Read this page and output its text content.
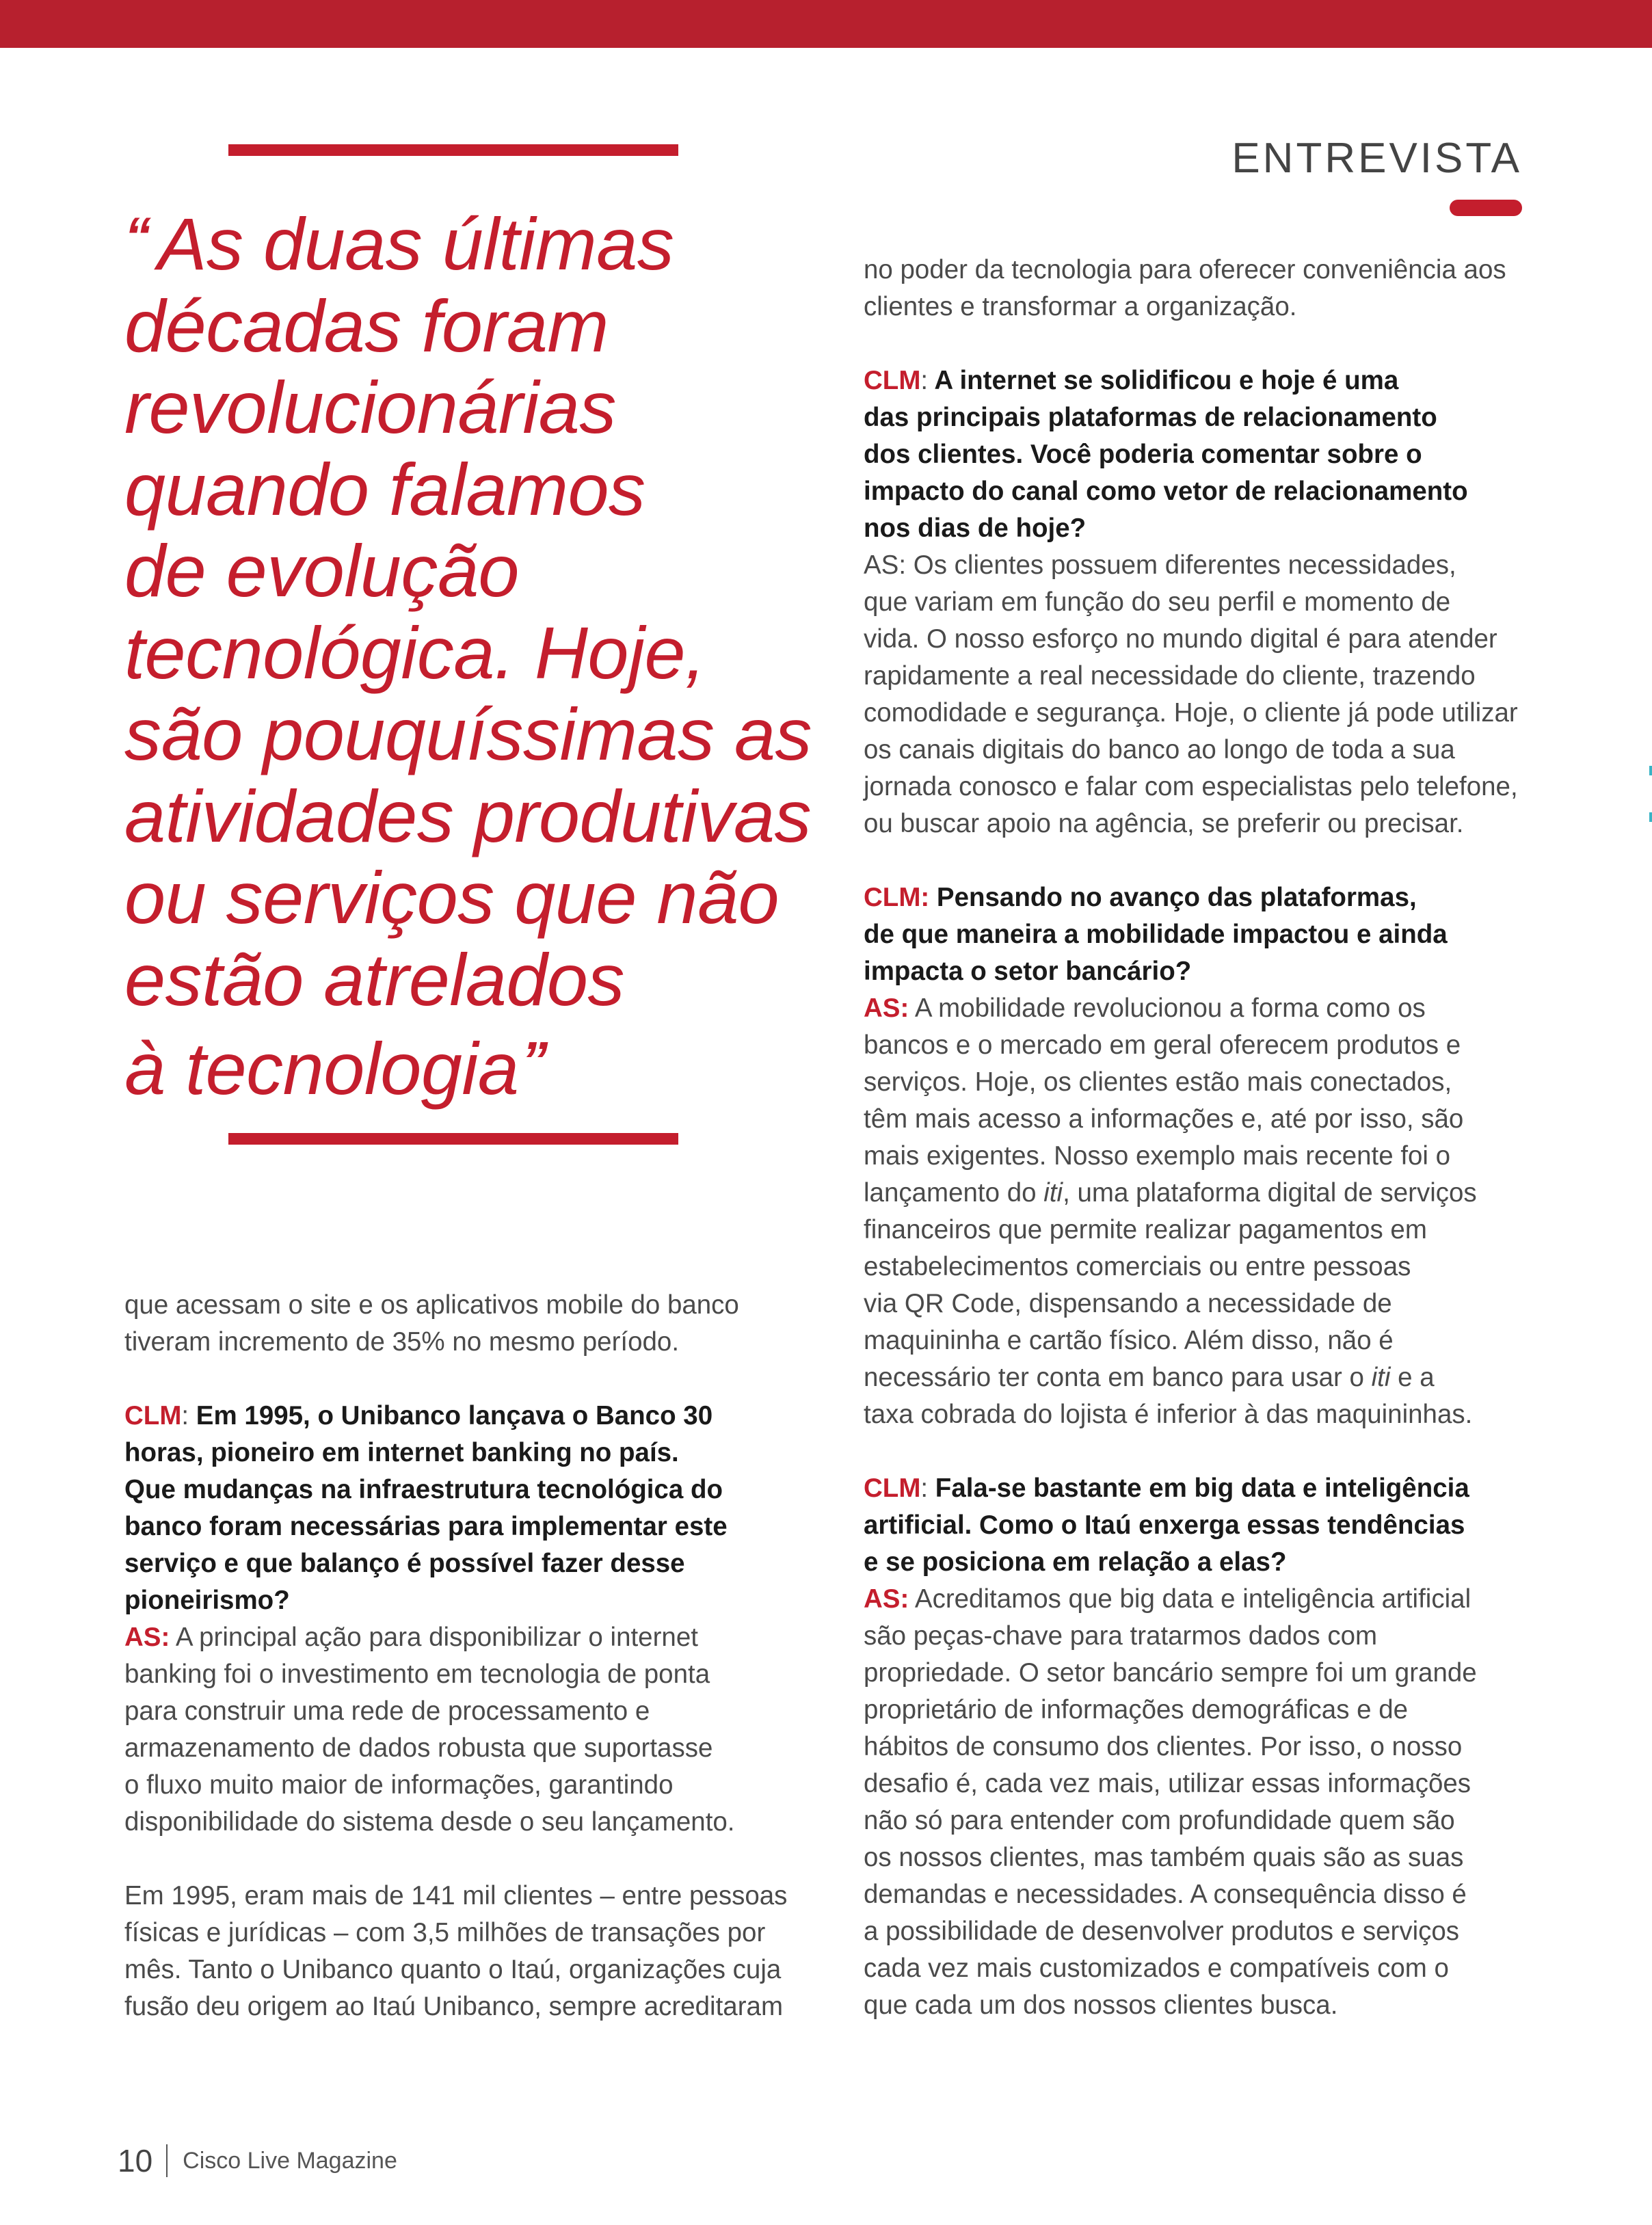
ENTREVISTA
“As duas últimas
décadas foram
revolucionárias
quando falamos
de evolução
tecnológica. Hoje,
são pouquíssimas as
atividades produtivas
ou serviços que não
estão atrelados
à tecnologia”

que acessam o site e os aplicativos mobile do banco
tiveram incremento de 35% no mesmo período.

CLM: Em 1995, o Unibanco lançava o Banco 30
horas, pioneiro em internet banking no país.
Que mudanças na infraestrutura tecnológica do
banco foram necessárias para implementar este
serviço e que balanço é possível fazer desse
pioneirismo?

AS: A principal ação para disponibilizar o internet
banking foi o investimento em tecnologia de ponta
para construir uma rede de processamento e
armazenamento de dados robusta que suportasse
o fluxo muito maior de informações, garantindo
disponibilidade do sistema desde o seu lançamento.

Em 1995, eram mais de 141 mil clientes – entre pessoas
físicas e jurídicas – com 3,5 milhões de transações por
mês. Tanto o Unibanco quanto o Itaú, organizações cuja
fusão deu origem ao Itaú Unibanco, sempre acreditaram

no poder da tecnologia para oferecer conveniência aos
clientes e transformar a organização.

CLM: A internet se solidificou e hoje é uma
das principais plataformas de relacionamento
dos clientes. Você poderia comentar sobre o
impacto do canal como vetor de relacionamento
nos dias de hoje?

AS: Os clientes possuem diferentes necessidades,
que variam em função do seu perfil e momento de
vida. O nosso esforço no mundo digital é para atender
rapidamente a real necessidade do cliente, trazendo
comodidade e segurança. Hoje, o cliente já pode utilizar
os canais digitais do banco ao longo de toda a sua
jornada conosco e falar com especialistas pelo telefone,
ou buscar apoio na agência, se preferir ou precisar.

CLM: Pensando no avanço das plataformas,
de que maneira a mobilidade impactou e ainda
impacta o setor bancário?

AS: A mobilidade revolucionou a forma como os
bancos e o mercado em geral oferecem produtos e
serviços. Hoje, os clientes estão mais conectados,
têm mais acesso a informações e, até por isso, são
mais exigentes. Nosso exemplo mais recente foi o
lançamento do iti, uma plataforma digital de serviços
financeiros que permite realizar pagamentos em
estabelecimentos comerciais ou entre pessoas
via QR Code, dispensando a necessidade de
maquininha e cartão físico. Além disso, não é
necessário ter conta em banco para usar o iti e a
taxa cobrada do lojista é inferior à das maquininhas.

CLM: Fala-se bastante em big data e inteligência
artificial. Como o Itaú enxerga essas tendências
e se posiciona em relação a elas?

AS: Acreditamos que big data e inteligência artificial
são peças-chave para tratarmos dados com
propriedade. O setor bancário sempre foi um grande
proprietário de informações demográficas e de
hábitos de consumo dos clientes. Por isso, o nosso
desafio é, cada vez mais, utilizar essas informações
não só para entender com profundidade quem são
os nossos clientes, mas também quais são as suas
demandas e necessidades. A consequência disso é
a possibilidade de desenvolver produtos e serviços
cada vez mais customizados e compatíveis com o
que cada um dos nossos clientes busca.

10 Cisco Live Magazine
